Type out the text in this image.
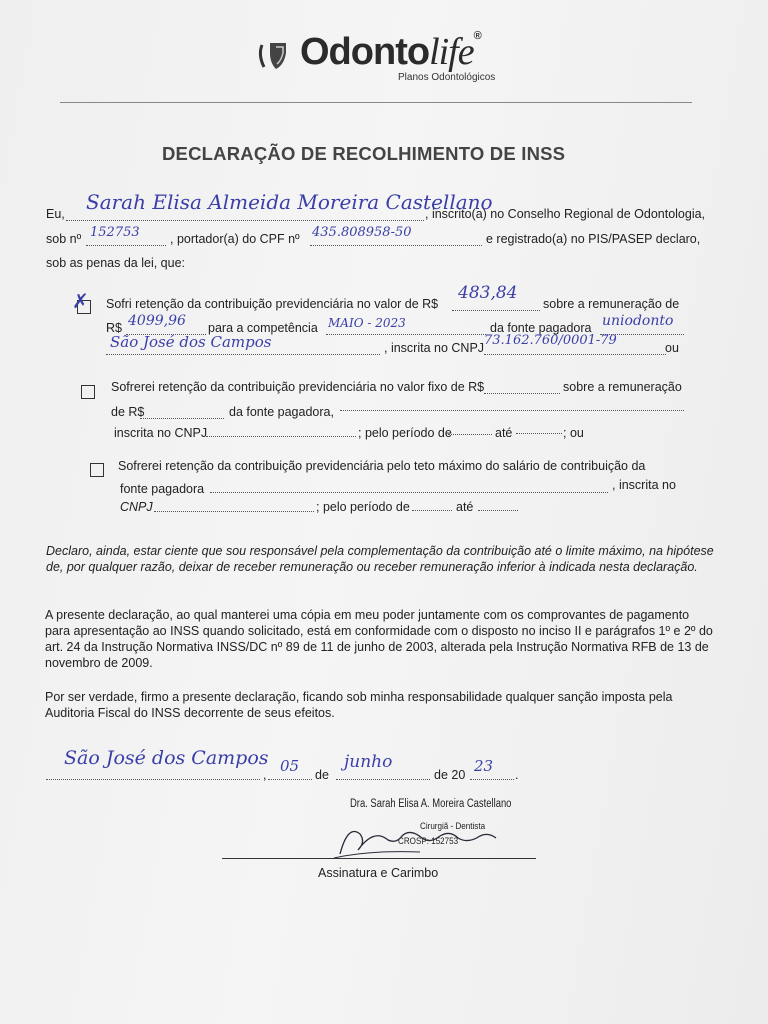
Odontolife®
Planos Odontológicos
DECLARAÇÃO DE RECOLHIMENTO DE INSS
Eu, Sarah Elisa Almeida Moreira Castellano
, inscrito(a) no Conselho Regional de Odontologia,
sob nº 152753 , portador(a) do CPF nº 435.808958-50	e registrado(a) no PIS/PASEP declaro,
sob as penas da lei, que:
✗ Sofri retenção da contribuição previdenciária no valor de R$
483,84
sobre a remuneração de
R$ 4099,96 para a competência MAIO - 2023	da fonte pagadora uniodonto
São José dos Campos	, inscrita no CNPJ 73.162.760/0001-79	ou
Sofrerei retenção da contribuição previdenciária no valor fixo de R$	sobre a remuneração
de R$	da fonte pagadora,
inscrita no CNPJ	; pelo período de	até	; ou
Sofrerei retenção da contribuição previdenciária pelo teto máximo do salário de contribuição da
fonte pagadora	, inscrita no
CNPJ	; pelo período de	até
Declaro, ainda, estar ciente que sou responsável pela complementação da contribuição até o limite máximo, na hipótese de, por qualquer razão, deixar de receber remuneração ou receber remuneração inferior à indicada nesta declaração.
A presente declaração, ao qual manterei uma cópia em meu poder juntamente com os comprovantes de pagamento para apresentação ao INSS quando solicitado, está em conformidade com o disposto no inciso II e parágrafos 1º e 2º do art. 24 da Instrução Normativa INSS/DC nº 89 de 11 de junho de 2003, alterada pela Instrução Normativa RFB de 13 de novembro de 2009.
Por ser verdade, firmo a presente declaração, ficando sob minha responsabilidade qualquer sanção imposta pela Auditoria Fiscal do INSS decorrente de seus efeitos.
São José dos Campos
, 05 de
junho
de 20 23 .
Dra. Sarah Elisa A. Moreira Castellano
Cirurgiã - Dentista
CROSP: 152753
Assinatura e Carimbo
